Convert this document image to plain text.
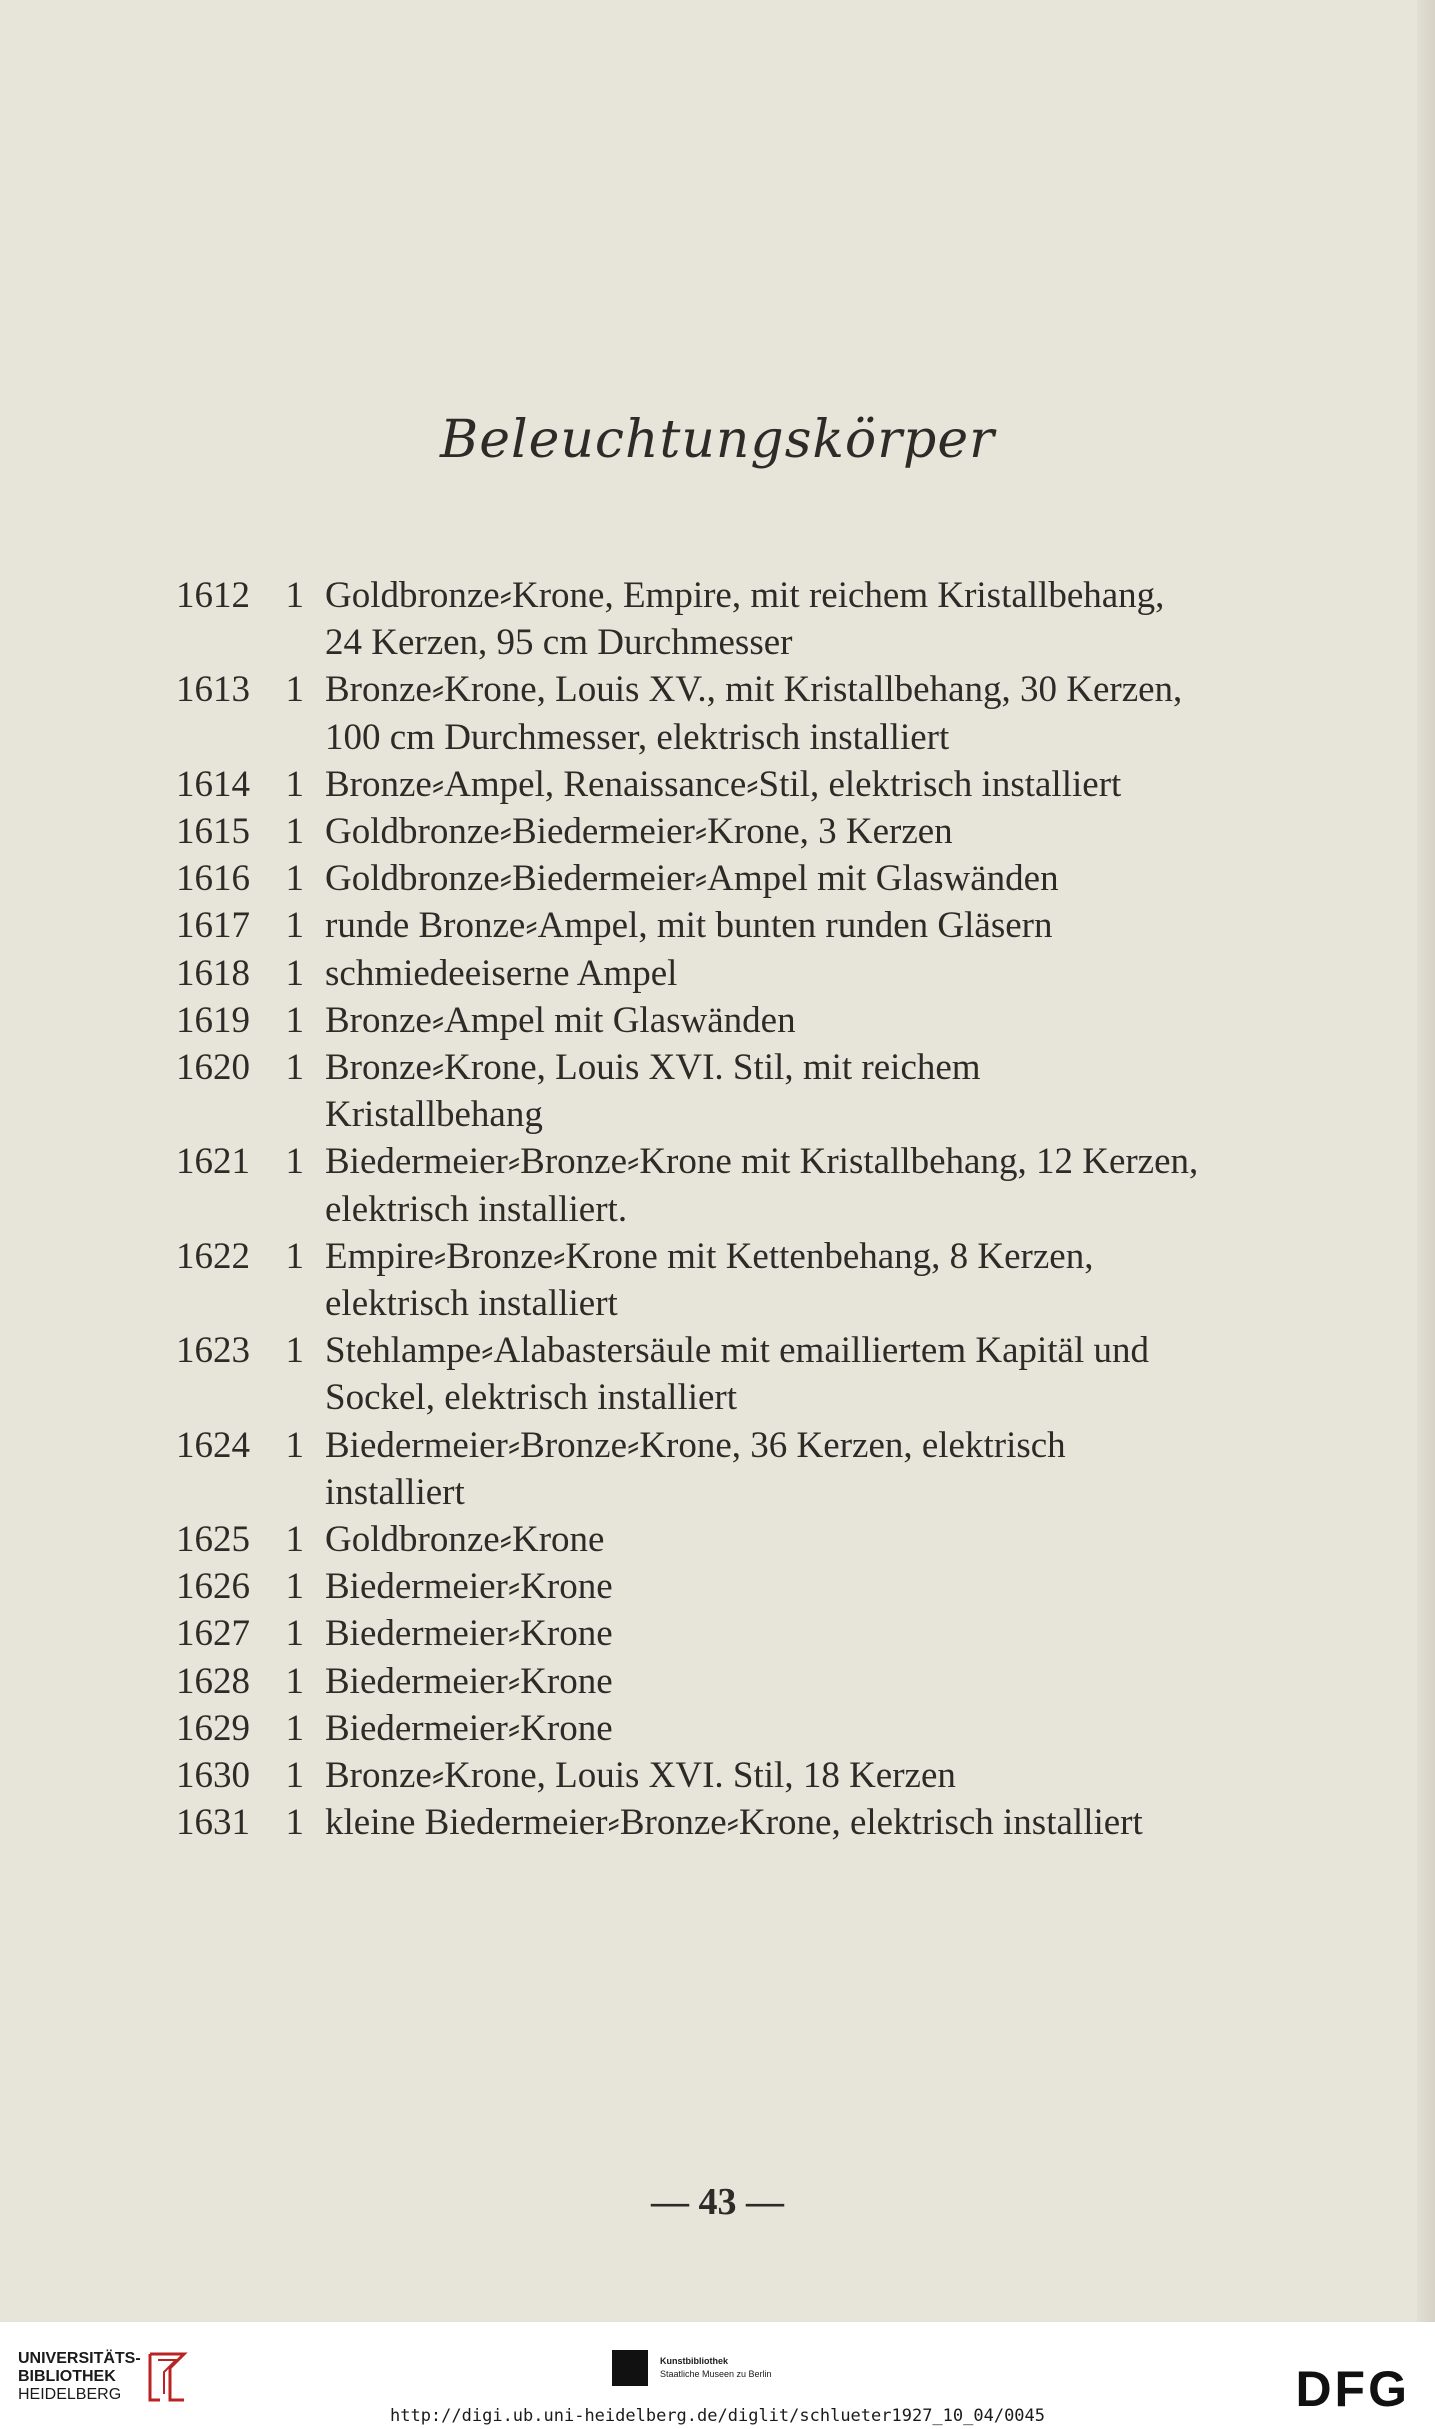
Beleuchtungskörper
1612 1 Goldbronze⸗Krone, Empire, mit reichem Kristallbehang,
24 Kerzen, 95 cm Durchmesser
1613 1 Bronze⸗Krone, Louis XV., mit Kristallbehang, 30 Kerzen,
100 cm Durchmesser, elektrisch installiert
1614 1 Bronze⸗Ampel, Renaissance⸗Stil, elektrisch installiert
1615 1 Goldbronze⸗Biedermeier⸗Krone, 3 Kerzen
1616 1 Goldbronze⸗Biedermeier⸗Ampel mit Glaswänden
1617 1 runde Bronze⸗Ampel, mit bunten runden Gläsern
1618 1 schmiedeeiserne Ampel
1619 1 Bronze⸗Ampel mit Glaswänden
1620 1 Bronze⸗Krone, Louis XVI. Stil, mit reichem
Kristallbehang
1621 1 Biedermeier⸗Bronze⸗Krone mit Kristallbehang, 12 Kerzen,
elektrisch installiert.
1622 1 Empire⸗Bronze⸗Krone mit Kettenbehang, 8 Kerzen,
elektrisch installiert
1623 1 Stehlampe⸗Alabastersäule mit emailliertem Kapitäl und
Sockel, elektrisch installiert
1624 1 Biedermeier⸗Bronze⸗Krone, 36 Kerzen, elektrisch
installiert
1625 1 Goldbronze⸗Krone
1626 1 Biedermeier⸗Krone
1627 1 Biedermeier⸗Krone
1628 1 Biedermeier⸗Krone
1629 1 Biedermeier⸗Krone
1630 1 Bronze⸗Krone, Louis XVI. Stil, 18 Kerzen
1631 1 kleine Biedermeier⸗Bronze⸗Krone, elektrisch installiert
— 43 —
UNIVERSITÄTS-
BIBLIOTHEK
HEIDELBERG
Kunstbibliothek
Staatliche Museen zu Berlin	DFG
http://digi.ub.uni-heidelberg.de/diglit/schlueter1927_10_04/0045
